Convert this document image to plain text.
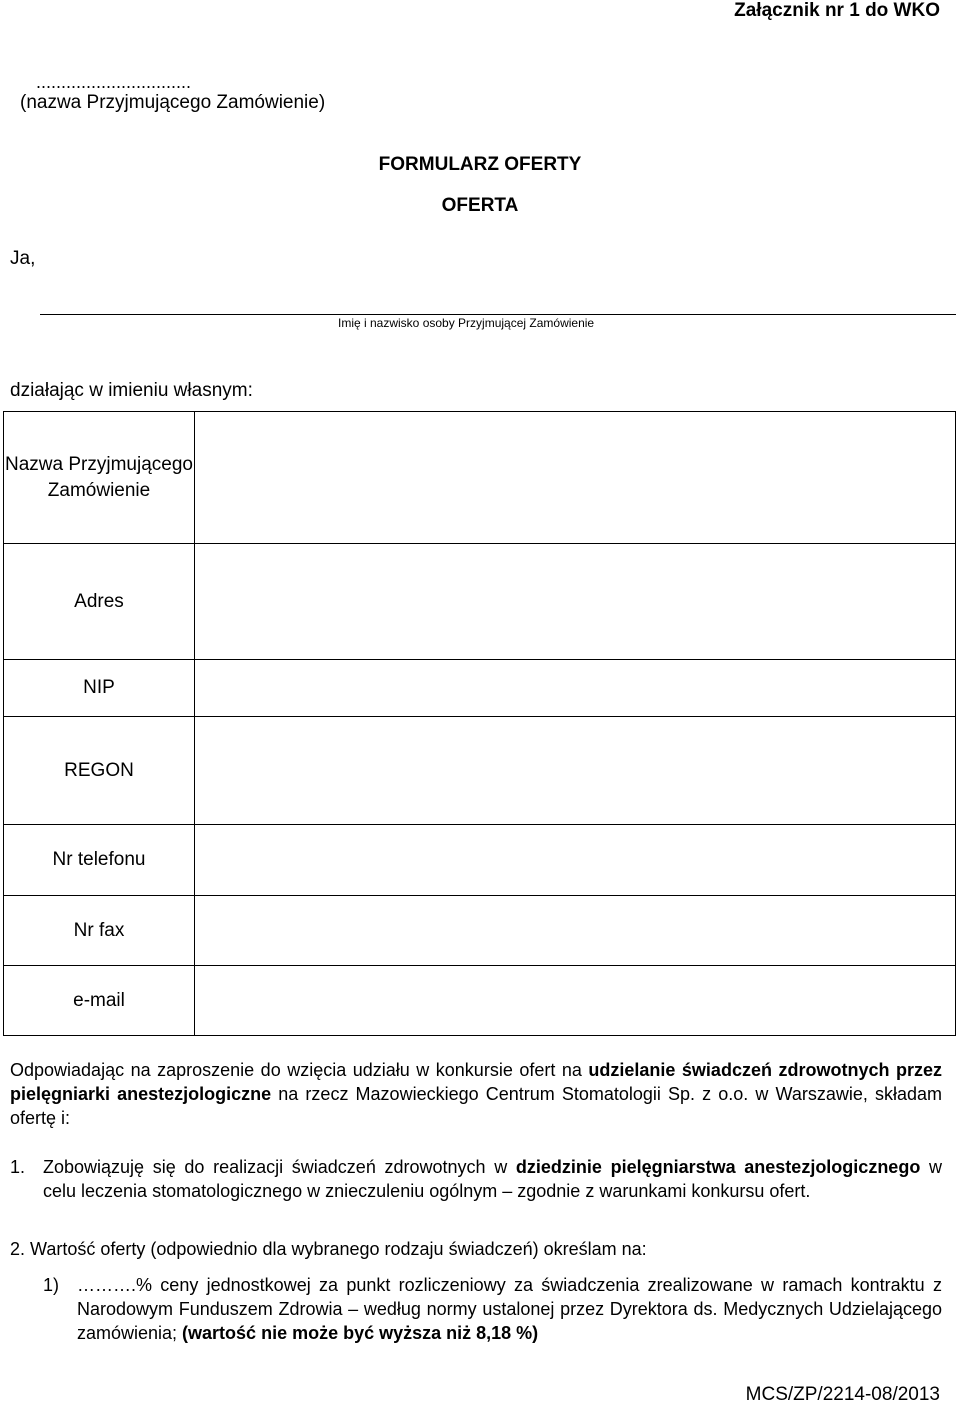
Załącznik nr 1 do WKO
...............................
(nazwa Przyjmującego Zamówienie)
FORMULARZ OFERTY
OFERTA
Ja,
Imię i nazwisko osoby Przyjmującej Zamówienie
działając w imieniu własnym:
Nazwa Przyjmującego Zamówienie	
Adres	
NIP	
REGON	
Nr telefonu	
Nr fax	
e-mail	
Odpowiadając na zaproszenie do wzięcia udziału w konkursie ofert na udzielanie świadczeń zdrowotnych przez pielęgniarki anestezjologiczne na rzecz Mazowieckiego Centrum Stomatologii Sp. z o.o. w Warszawie, składam ofertę i:
1. Zobowiązuję się do realizacji świadczeń zdrowotnych w dziedzinie pielęgniarstwa anestezjologicznego w celu leczenia stomatologicznego w znieczuleniu ogólnym – zgodnie z warunkami konkursu ofert.
2. Wartość oferty (odpowiednio dla wybranego rodzaju świadczeń) określam na:
1) ……….% ceny jednostkowej za punkt rozliczeniowy za świadczenia zrealizowane w ramach kontraktu z Narodowym Funduszem Zdrowia – według normy ustalonej przez Dyrektora ds. Medycznych Udzielającego zamówienia; (wartość nie może być wyższa niż 8,18 %)
MCS/ZP/2214-08/2013
